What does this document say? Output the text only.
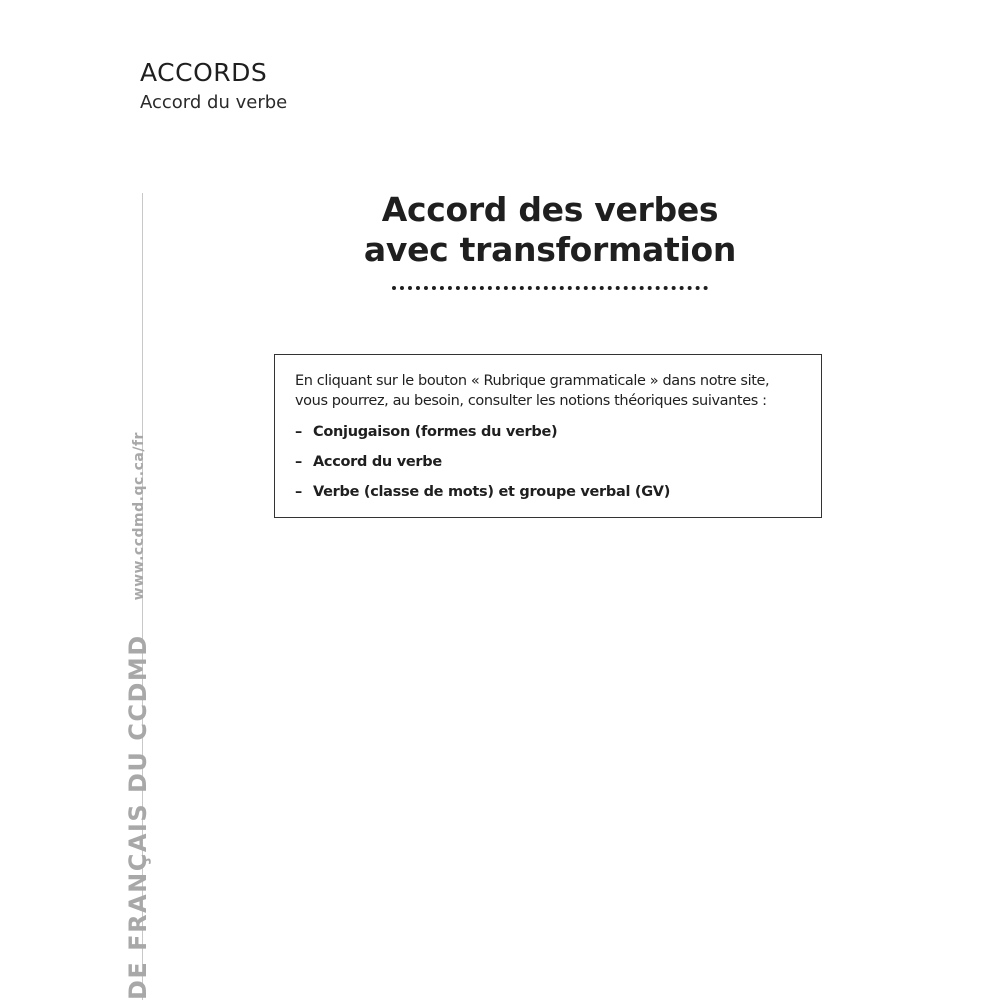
ACCORDS
Accord du verbe
DE FRANÇAIS DU CCDMDwww.ccdmd.qc.ca/fr
Accord des verbes
avec transformation
En cliquant sur le bouton « Rubrique grammaticale » dans notre site,
vous pourrez, au besoin, consulter les notions théoriques suivantes :
– Conjugaison (formes du verbe)
– Accord du verbe
– Verbe (classe de mots) et groupe verbal (GV)
